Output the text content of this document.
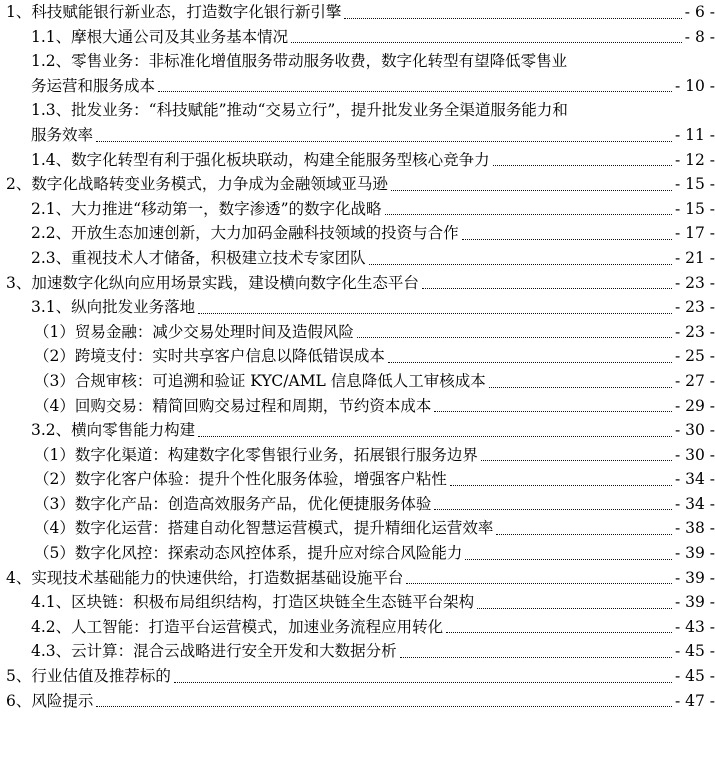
1、科技赋能银行新业态，打造数字化银行新引擎	- 6 -
1.1、摩根大通公司及其业务基本情况	- 8 -
1.2、零售业务：非标准化增值服务带动服务收费，数字化转型有望降低零售业
务运营和服务成本	- 10 -
1.3、批发业务：“科技赋能”推动“交易立行”，提升批发业务全渠道服务能力和
服务效率	- 11 -
1.4、数字化转型有利于强化板块联动，构建全能服务型核心竞争力	- 12 -
2、数字化战略转变业务模式，力争成为金融领域亚马逊	- 15 -
2.1、大力推进“移动第一，数字渗透”的数字化战略	- 15 -
2.2、开放生态加速创新，大力加码金融科技领域的投资与合作	- 17 -
2.3、重视技术人才储备，积极建立技术专家团队	- 21 -
3、加速数字化纵向应用场景实践，建设横向数字化生态平台	- 23 -
3.1、纵向批发业务落地	- 23 -
（1）贸易金融：减少交易处理时间及造假风险	- 23 -
（2）跨境支付：实时共享客户信息以降低错误成本	- 25 -
（3）合规审核：可追溯和验证 KYC/AML 信息降低人工审核成本	- 27 -
（4）回购交易：精简回购交易过程和周期，节约资本成本	- 29 -
3.2、横向零售能力构建	- 30 -
（1）数字化渠道：构建数字化零售银行业务，拓展银行服务边界	- 30 -
（2）数字化客户体验：提升个性化服务体验，增强客户粘性	- 34 -
（3）数字化产品：创造高效服务产品，优化便捷服务体验	- 34 -
（4）数字化运营：搭建自动化智慧运营模式，提升精细化运营效率	- 38 -
（5）数字化风控：探索动态风控体系，提升应对综合风险能力	- 39 -
4、实现技术基础能力的快速供给，打造数据基础设施平台	- 39 -
4.1、区块链：积极布局组织结构，打造区块链全生态链平台架构	- 39 -
4.2、人工智能：打造平台运营模式，加速业务流程应用转化	- 43 -
4.3、云计算：混合云战略进行安全开发和大数据分析	- 45 -
5、行业估值及推荐标的	- 45 -
6、风险提示	- 47 -
